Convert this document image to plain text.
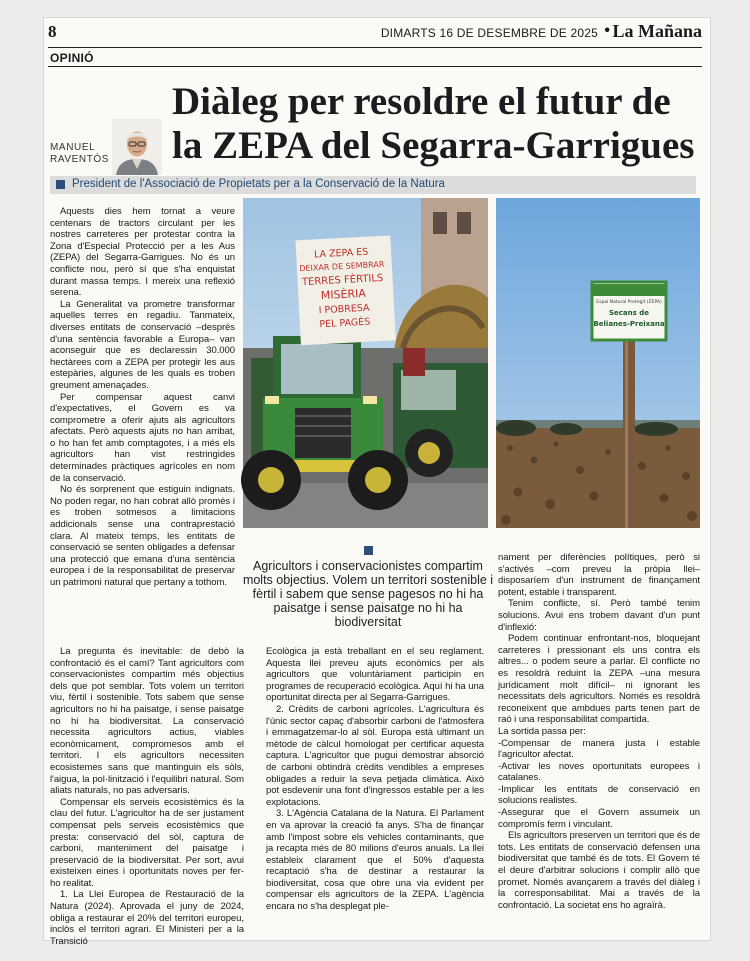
8	DIMARTS 16 DE DESEMBRE DE 2025 • La Mañana
OPINIÓ
MANUEL RAVENTÓS
Diàleg per resoldre el futur de la ZEPA del Segarra-Garrigues
President de l'Associació de Propietats per a la Conservació de la Natura
LA ZEPA ES
DEIXAR DE SEMBRAR
TERRES FÈRTILS
MISÈRIA
I POBRESA
PEL PAGÈS
Espai Natural Protegit (ZEPA)
Secans de
Belianes-Preixana
Agricultors i conservacionistes compartim molts objectius. Volem un territori sostenible i fèrtil i sabem que sense pagesos no hi ha paisatge i sense paisatge no hi ha biodiversitat

Aquests dies hem tornat a veure centenars de tractors circulant per les nostres carreteres per protestar contra la Zona d'Especial Protecció per a les Aus (ZEPA) del Segarra-Garrigues. No és un conflicte nou, però sí que s'ha enquistat durant massa temps. I mereix una reflexió serena.

La Generalitat va prometre transformar aquelles terres en regadiu. Tanmateix, diverses entitats de conservació –després d'una sentència favorable a Europa– van aconseguir que es declaressin 30.000 hectàrees com a ZEPA per protegir les aus estepàries, algunes de les quals es troben greument amenaçades.

Per compensar aquest canvi d'expectatives, el Govern es va comprometre a oferir ajuts als agricultors afectats. Però aquests ajuts no han arribat, o ho han fet amb comptagotes, i a més els agricultors han vist restringides determinades pràctiques agrícoles en nom de la conservació.

No és sorprenent que estiguin indignats. No poden regar, no han cobrat allò promès i es troben sotmesos a limitacions addicionals sense una contraprestació clara. Al mateix temps, les entitats de conservació se senten obligades a defensar una protecció que emana d'una sentència europea i de la responsabilitat de preservar un patrimoni natural que pertany a tothom.

La pregunta és inevitable: de debò la confrontació és el camí? Tant agricultors com conservacionistes compartim més objectius dels que pot semblar. Tots volem un territori viu, fèrtil i sostenible. Tots sabem que sense agricultors no hi ha paisatge, i sense paisatge no hi ha biodiversitat. La conservació necessita agricultors actius, viables econòmicament, compromesos amb el territori. I els agricultors necessiten ecosistemes sans que mantinguin els sòls, l'aigua, la pol·linització i l'equilibri natural. Som aliats naturals, no pas adversaris.

Compensar els serveis ecosistèmics és la clau del futur. L'agricultor ha de ser justament compensat pels serveis ecosistèmics que presta: conservació del sòl, captura de carboni, manteniment del paisatge i preservació de la biodiversitat. Per sort, avui existeixen eines i oportunitats noves per fer-ho realitat.

1. La Llei Europea de Restauració de la Natura (2024). Aprovada el juny de 2024, obliga a restaurar el 20% del territori europeu, inclòs el territori agrari. El Ministeri per a la Transició

Ecològica ja està treballant en el seu reglament. Aquesta llei preveu ajuts econòmics per als agricultors que voluntàriament participin en programes de recuperació ecològica. Aquí hi ha una oportunitat directa per al Segarra-Garrigues.

2. Crèdits de carboni agrícoles. L'agricultura és l'únic sector capaç d'absorbir carboni de l'atmosfera i emmagatzemar-lo al sòl. Europa està ultimant un mètode de càlcul homologat per certificar aquesta captura. L'agricultor que pugui demostrar absorció de carboni obtindrà crèdits vendibles a empreses obligades a reduir la seva petjada climàtica. Això pot esdevenir una font d'ingressos estable per a les explotacions.

3. L'Agència Catalana de la Natura. El Parlament en va aprovar la creació fa anys. S'ha de finançar amb l'impost sobre els vehicles contaminants, que ja recapta més de 80 milions d'euros anuals. La llei estableix clarament que el 50% d'aquesta recaptació s'ha de destinar a restaurar la biodiversitat, cosa que obre una via evident per compensar els agricultors de la ZEPA. L'agència encara no s'ha desplegat ple-

nament per diferències polítiques, però si s'activés –com preveu la pròpia llei– disposaríem d'un instrument de finançament potent, estable i transparent.

Tenim conflicte, sí. Però també tenim solucions. Avui ens trobem davant d'un punt d'inflexió:

Podem continuar enfrontant-nos, bloquejant carreteres i pressionant els uns contra els altres... o podem seure a parlar. El conflicte no es resoldrà reduint la ZEPA –una mesura jurídicament molt difícil– ni ignorant les necessitats dels agricultors. Només es resoldrà reconeixent que ambdues parts tenen part de raó i una responsabilitat compartida.

La sortida passa per:

-Compensar de manera justa i estable l'agricultor afectat.

-Activar les noves oportunitats europees i catalanes.

-Implicar les entitats de conservació en solucions realistes.

-Assegurar que el Govern assumeix un compromís ferm i vinculant.

Els agricultors preserven un territori que és de tots. Les entitats de conservació defensen una biodiversitat que també és de tots. El Govern té el deure d'arbitrar solucions i complir allò que promet. Només avançarem a través del diàleg i la corresponsabilitat. Mai a través de la confrontació. La societat ens ho agraïrà.
